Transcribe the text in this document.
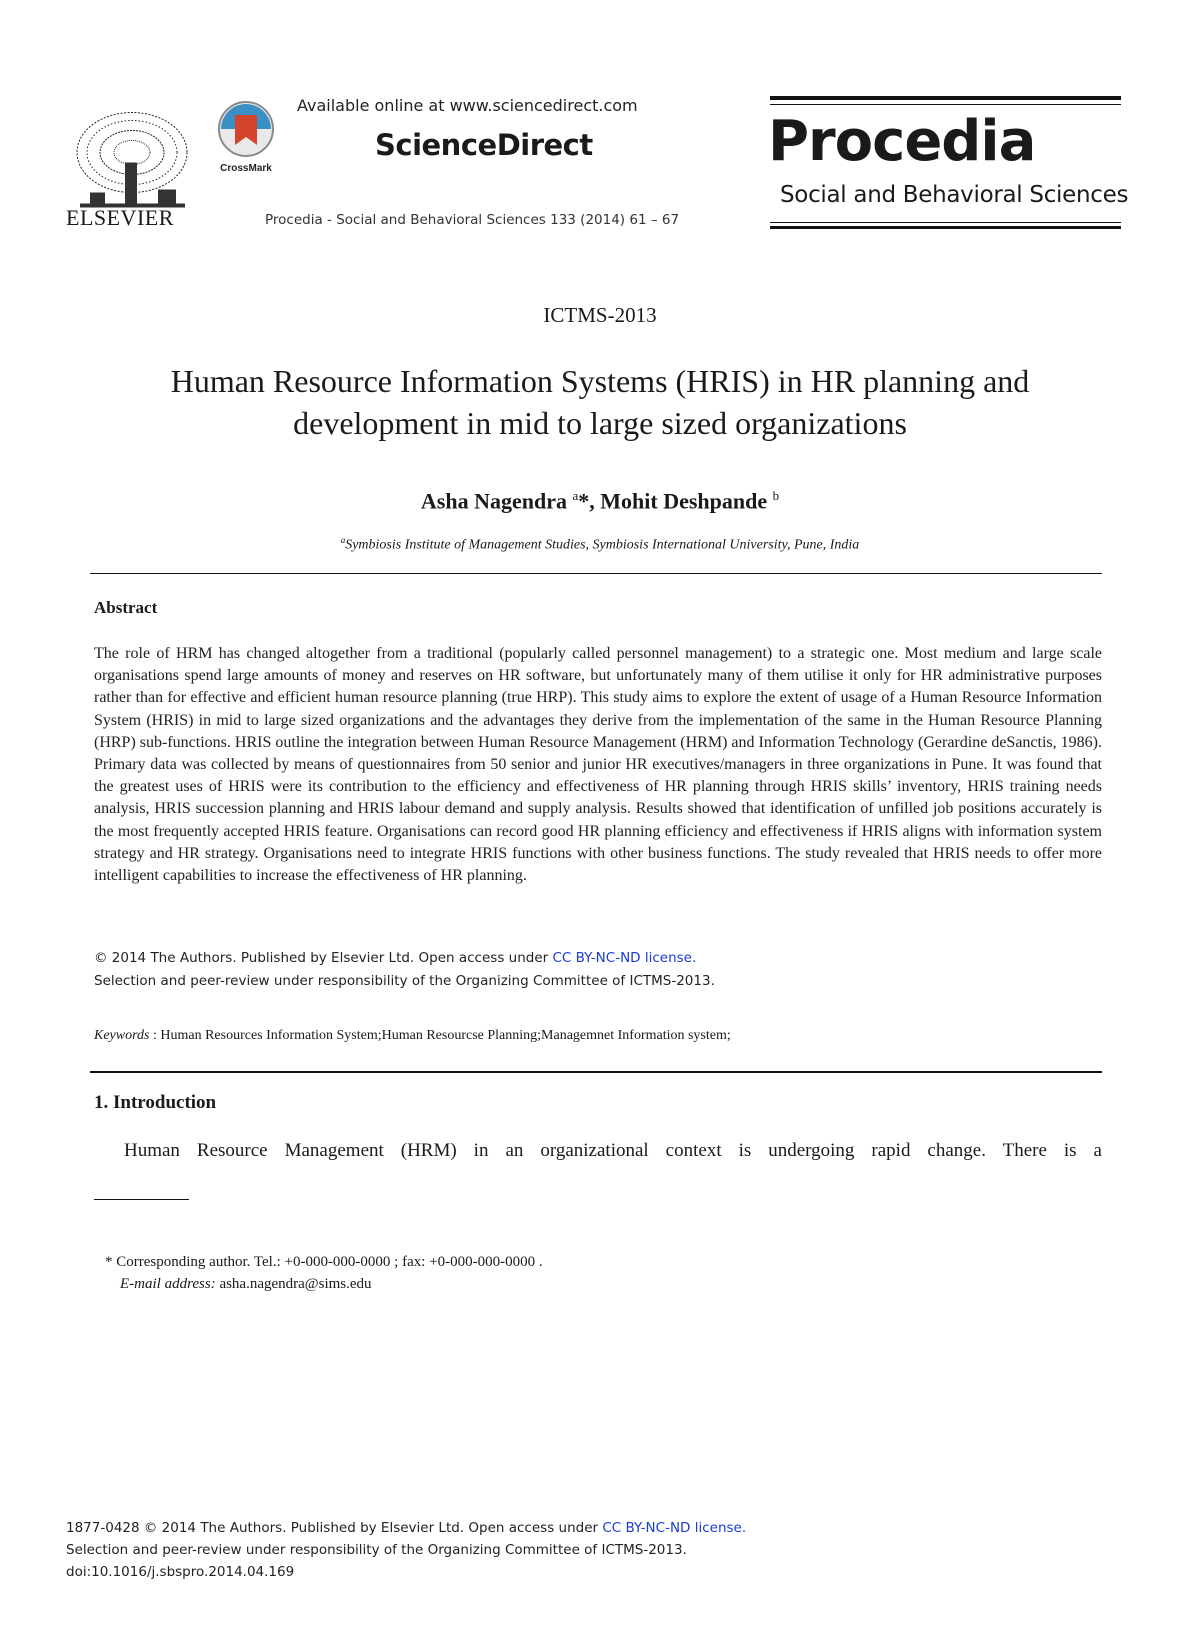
ELSEVIER
CrossMark
Available online at www.sciencedirect.com
ScienceDirect
Procedia - Social and Behavioral Sciences 133 (2014) 61 – 67
Procedia
Social and Behavioral Sciences
ICTMS-2013
Human Resource Information Systems (HRIS) in HR planning and
development in mid to large sized organizations
Asha Nagendra $^a$*, Mohit Deshpande $^b$
$^a$Symbiosis Institute of Management Studies, Symbiosis International University, Pune, India
Abstract
The role of HRM has changed altogether from a traditional (popularly called personnel management) to a strategic one. Most medium and large scale organisations spend large amounts of money and reserves on HR software, but unfortunately many of them utilise it only for HR administrative purposes rather than for effective and efficient human resource planning (true HRP). This study aims to explore the extent of usage of a Human Resource Information System (HRIS) in mid to large sized organizations and the advantages they derive from the implementation of the same in the Human Resource Planning (HRP) sub-functions. HRIS outline the integration between Human Resource Management (HRM) and Information Technology (Gerardine deSanctis, 1986). Primary data was collected by means of questionnaires from 50 senior and junior HR executives/managers in three organizations in Pune. It was found that the greatest uses of HRIS were its contribution to the efficiency and effectiveness of HR planning through HRIS skills’ inventory, HRIS training needs analysis, HRIS succession planning and HRIS labour demand and supply analysis. Results showed that identification of unfilled job positions accurately is the most frequently accepted HRIS feature. Organisations can record good HR planning efficiency and effectiveness if HRIS aligns with information system strategy and HR strategy. Organisations need to integrate HRIS functions with other business functions. The study revealed that HRIS needs to offer more intelligent capabilities to increase the effectiveness of HR planning.
© 2014 The Authors. Published by Elsevier Ltd. Open access under CC BY-NC-ND license.
Selection and peer-review under responsibility of the Organizing Committee of ICTMS-2013.
Keywords : Human Resources Information System;Human Resourcse Planning;Managemnet Information system;
1. Introduction
Human Resource Management (HRM) in an organizational context is undergoing rapid change. There is a
* Corresponding author. Tel.: +0-000-000-0000 ; fax: +0-000-000-0000 .
E-mail address: asha.nagendra@sims.edu
1877-0428 © 2014 The Authors. Published by Elsevier Ltd. Open access under CC BY-NC-ND license.
Selection and peer-review under responsibility of the Organizing Committee of ICTMS-2013.
doi:10.1016/j.sbspro.2014.04.169
